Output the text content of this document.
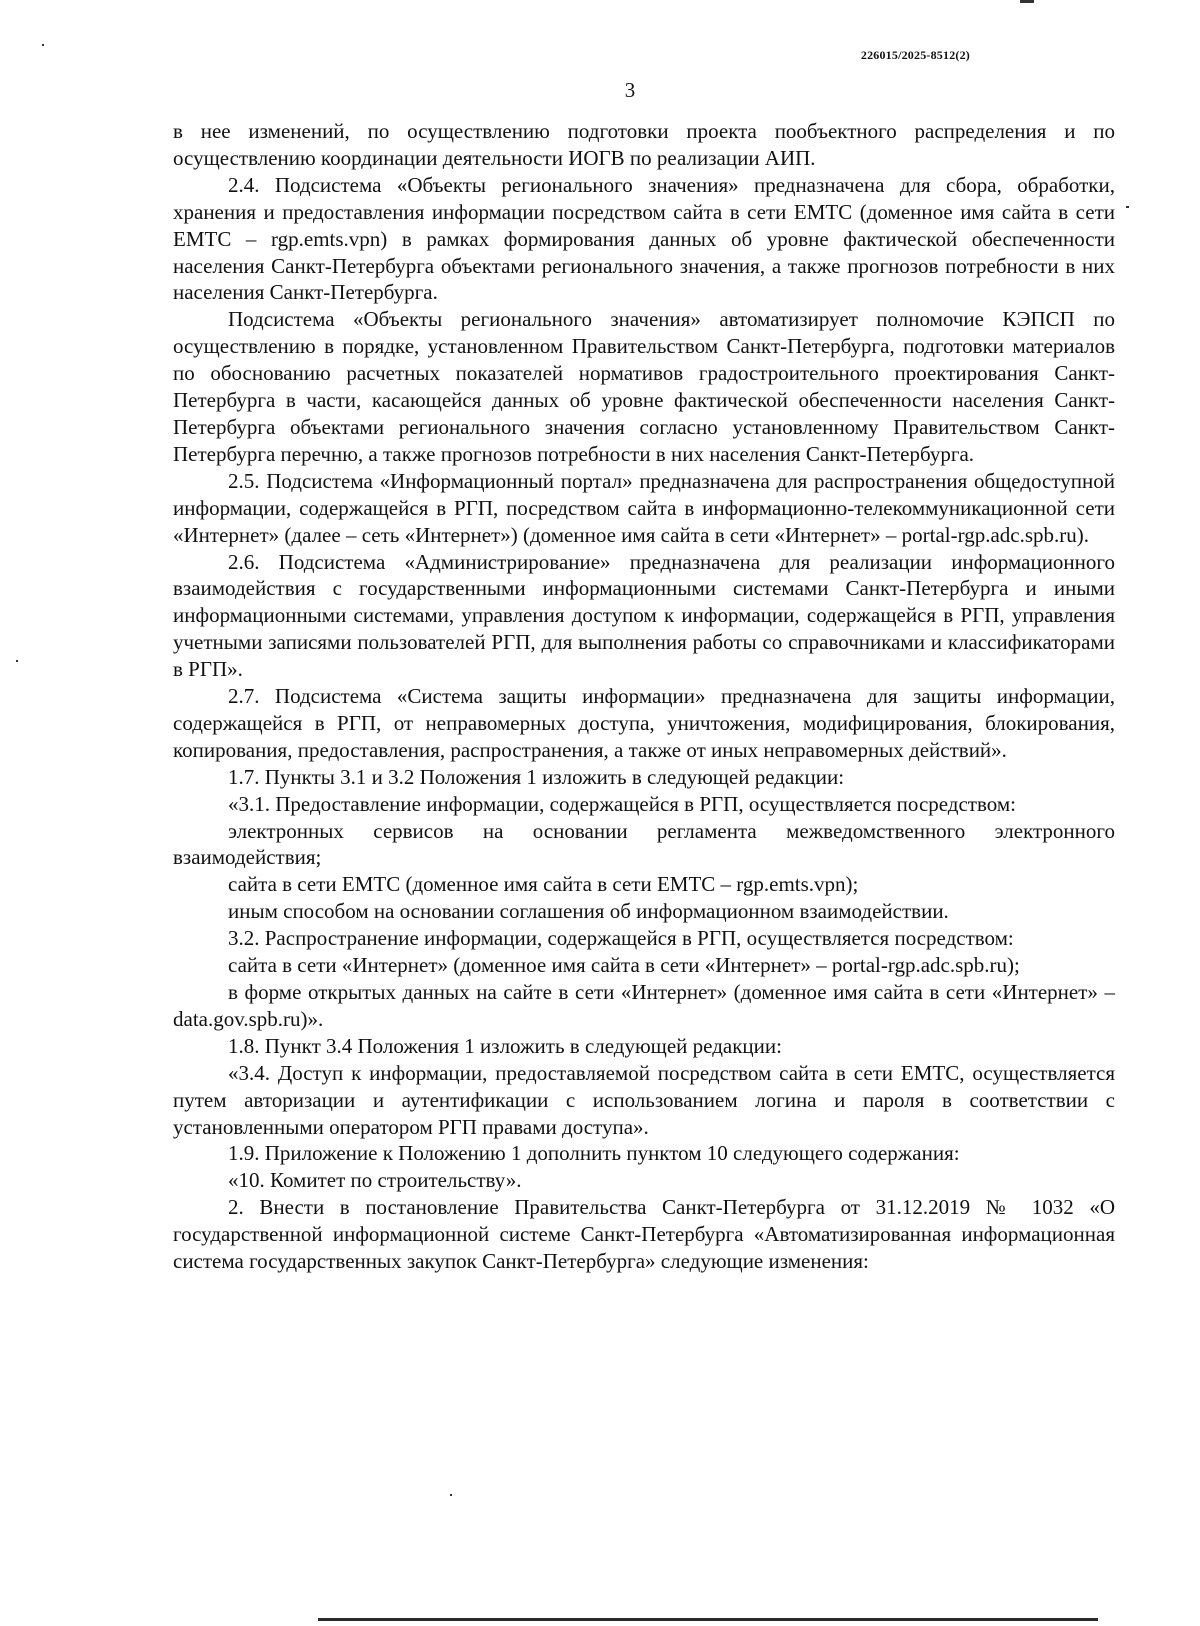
226015/2025-8512(2)
3

в нее изменений, по осуществлению подготовки проекта пообъектного распределения и по осуществлению координации деятельности ИОГВ по реализации АИП.

2.4. Подсистема «Объекты регионального значения» предназначена для сбора, обработки, хранения и предоставления информации посредством сайта в сети ЕМТС (доменное имя сайта в сети ЕМТС – rgp.emts.vpn) в рамках формирования данных об уровне фактической обеспеченности населения Санкт-Петербурга объектами регионального значения, а также прогнозов потребности в них населения Санкт-Петербурга.

Подсистема «Объекты регионального значения» автоматизирует полномочие КЭПСП по осуществлению в порядке, установленном Правительством Санкт-Петербурга, подготовки материалов по обоснованию расчетных показателей нормативов градостроительного проектирования Санкт-Петербурга в части, касающейся данных об уровне фактической обеспеченности населения Санкт-Петербурга объектами регионального значения согласно установленному Правительством Санкт-Петербурга перечню, а также прогнозов потребности в них населения Санкт-Петербурга.

2.5. Подсистема «Информационный портал» предназначена для распространения общедоступной информации, содержащейся в РГП, посредством сайта в информационно-телекоммуникационной сети «Интернет» (далее – сеть «Интернет») (доменное имя сайта в сети «Интернет» – portal-rgp.adc.spb.ru).

2.6. Подсистема «Администрирование» предназначена для реализации информационного взаимодействия с государственными информационными системами Санкт-Петербурга и иными информационными системами, управления доступом к информации, содержащейся в РГП, управления учетными записями пользователей РГП, для выполнения работы со справочниками и классификаторами в РГП».

2.7. Подсистема «Система защиты информации» предназначена для защиты информации, содержащейся в РГП, от неправомерных доступа, уничтожения, модифицирования, блокирования, копирования, предоставления, распространения, а также от иных неправомерных действий».

1.7. Пункты 3.1 и 3.2 Положения 1 изложить в следующей редакции:

«3.1. Предоставление информации, содержащейся в РГП, осуществляется посредством:

электронных сервисов на основании регламента межведомственного электронного взаимодействия;

сайта в сети ЕМТС (доменное имя сайта в сети ЕМТС – rgp.emts.vpn);

иным способом на основании соглашения об информационном взаимодействии.

3.2. Распространение информации, содержащейся в РГП, осуществляется посредством:

сайта в сети «Интернет» (доменное имя сайта в сети «Интернет» – portal-rgp.adc.spb.ru);

в форме открытых данных на сайте в сети «Интернет» (доменное имя сайта в сети «Интернет» – data.gov.spb.ru)».

1.8. Пункт 3.4 Положения 1 изложить в следующей редакции:

«3.4. Доступ к информации, предоставляемой посредством сайта в сети ЕМТС, осуществляется путем авторизации и аутентификации с использованием логина и пароля в соответствии с установленными оператором РГП правами доступа».

1.9. Приложение к Положению 1 дополнить пунктом 10 следующего содержания:

«10. Комитет по строительству».

2. Внести в постановление Правительства Санкт-Петербурга от 31.12.2019 № 1032 «О государственной информационной системе Санкт-Петербурга «Автоматизированная информационная система государственных закупок Санкт-Петербурга» следующие изменения:
